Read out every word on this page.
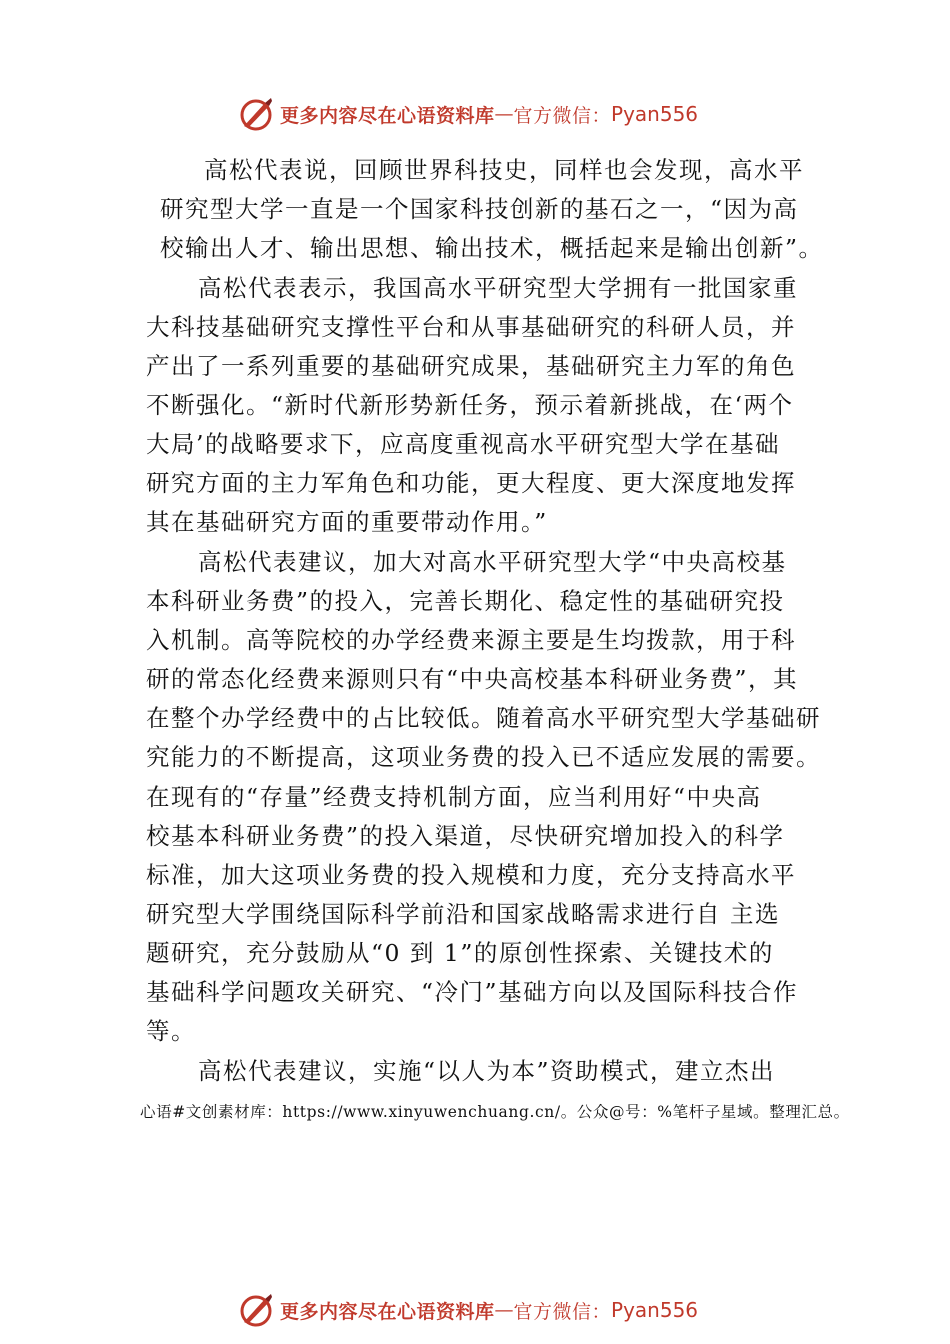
更多内容尽在心语资料库 — 官方微信： Pyan556
高松代表说，回顾世界科技史，同样也会发现，高水平
研究型大学一直是一个国家科技创新的基石之一，“因为高
校输出人才、输出思想、输出技术，概括起来是输出创新”。
高松代表表示，我国高水平研究型大学拥有一批国家重
大科技基础研究支撑性平台和从事基础研究的科研人员，并
产出了一系列重要的基础研究成果，基础研究主力军的角色
不断强化。“新时代新形势新任务，预示着新挑战，在‘两个
大局’的战略要求下，应高度重视高水平研究型大学在基础
研究方面的主力军角色和功能，更大程度、更大深度地发挥
其在基础研究方面的重要带动作用。”
高松代表建议，加大对高水平研究型大学“中央高校基
本科研业务费”的投入，完善长期化、稳定性的基础研究投
入机制。高等院校的办学经费来源主要是生均拨款，用于科
研的常态化经费来源则只有“中央高校基本科研业务费”，其
在整个办学经费中的占比较低。随着高水平研究型大学基础研
究能力的不断提高，这项业务费的投入已不适应发展的需要。
在现有的“存量”经费支持机制方面，应当利用好“中央高
校基本科研业务费”的投入渠道，尽快研究增加投入的科学
标准，加大这项业务费的投入规模和力度，充分支持高水平
研究型大学围绕国际科学前沿和国家战略需求进行自 主选
题研究，充分鼓励从“0 到 1”的原创性探索、关键技术的
基础科学问题攻关研究、“冷门”基础方向以及国际科技合作
等。
高松代表建议，实施“以人为本”资助模式，建立杰出
心语#文创素材库：https://www.xinyuwenchuang.cn/。公众@号：%笔杆子星域。整理汇总。
更多内容尽在心语资料库 — 官方微信： Pyan556
